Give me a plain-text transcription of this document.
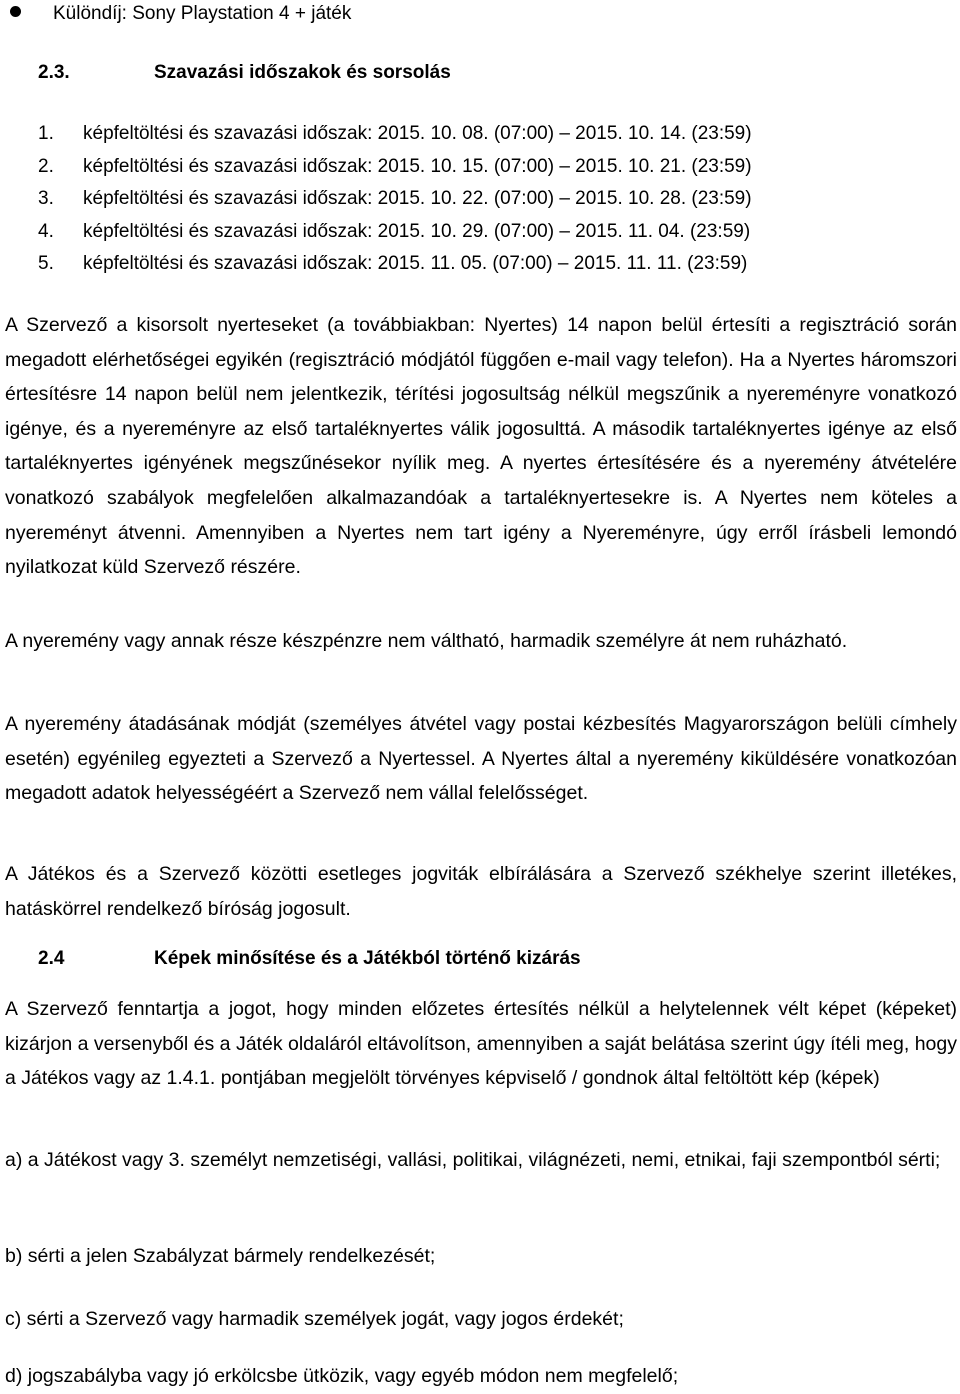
Különdíj: Sony Playstation 4 + játék
2.3.	Szavazási időszakok és sorsolás
1. képfeltöltési és szavazási időszak: 2015. 10. 08. (07:00) – 2015. 10. 14. (23:59)
2. képfeltöltési és szavazási időszak: 2015. 10. 15. (07:00) – 2015. 10. 21. (23:59)
3. képfeltöltési és szavazási időszak: 2015. 10. 22. (07:00) – 2015. 10. 28. (23:59)
4. képfeltöltési és szavazási időszak: 2015. 10. 29. (07:00) – 2015. 11. 04. (23:59)
5. képfeltöltési és szavazási időszak: 2015. 11. 05. (07:00) – 2015. 11. 11. (23:59)

A Szervező a kisorsolt nyerteseket (a továbbiakban: Nyertes) 14 napon belül értesíti a regisztráció során megadott elérhetőségei egyikén (regisztráció módjától függően e-mail vagy telefon). Ha a Nyertes háromszori értesítésre 14 napon belül nem jelentkezik, térítési jogosultság nélkül megszűnik a nyereményre vonatkozó igénye, és a nyereményre az első tartaléknyertes válik jogosulttá. A második tartaléknyertes igénye az első tartaléknyertes igényének megszűnésekor nyílik meg. A nyertes értesítésére és a nyeremény átvételére vonatkozó szabályok megfelelően alkalmazandóak a tartaléknyertesekre is. A Nyertes nem köteles a nyereményt átvenni. Amennyiben a Nyertes nem tart igény a Nyereményre, úgy erről írásbeli lemondó nyilatkozat küld Szervező részére.

A nyeremény vagy annak része készpénzre nem váltható, harmadik személyre át nem ruházható.

A nyeremény átadásának módját (személyes átvétel vagy postai kézbesítés Magyarországon belüli címhely esetén) egyénileg egyezteti a Szervező a Nyertessel. A Nyertes által a nyeremény kiküldésére vonatkozóan megadott adatok helyességéért a Szervező nem vállal felelősséget.

A Játékos és a Szervező közötti esetleges jogviták elbírálására a Szervező székhelye szerint illetékes, hatáskörrel rendelkező bíróság jogosult.

2.4	Képek minősítése és a Játékból történő kizárás

A Szervező fenntartja a jogot, hogy minden előzetes értesítés nélkül a helytelennek vélt képet (képeket) kizárjon a versenyből és a Játék oldaláról eltávolítson, amennyiben a saját belátása szerint úgy ítéli meg, hogy a Játékos vagy az 1.4.1. pontjában megjelölt törvényes képviselő / gondnok által feltöltött kép (képek)

a) a Játékost vagy 3. személyt nemzetiségi, vallási, politikai, világnézeti, nemi, etnikai, faji szempontból sérti;

b) sérti a jelen Szabályzat bármely rendelkezését;

c) sérti a Szervező vagy harmadik személyek jogát, vagy jogos érdekét;

d) jogszabályba vagy jó erkölcsbe ütközik, vagy egyéb módon nem megfelelő;
